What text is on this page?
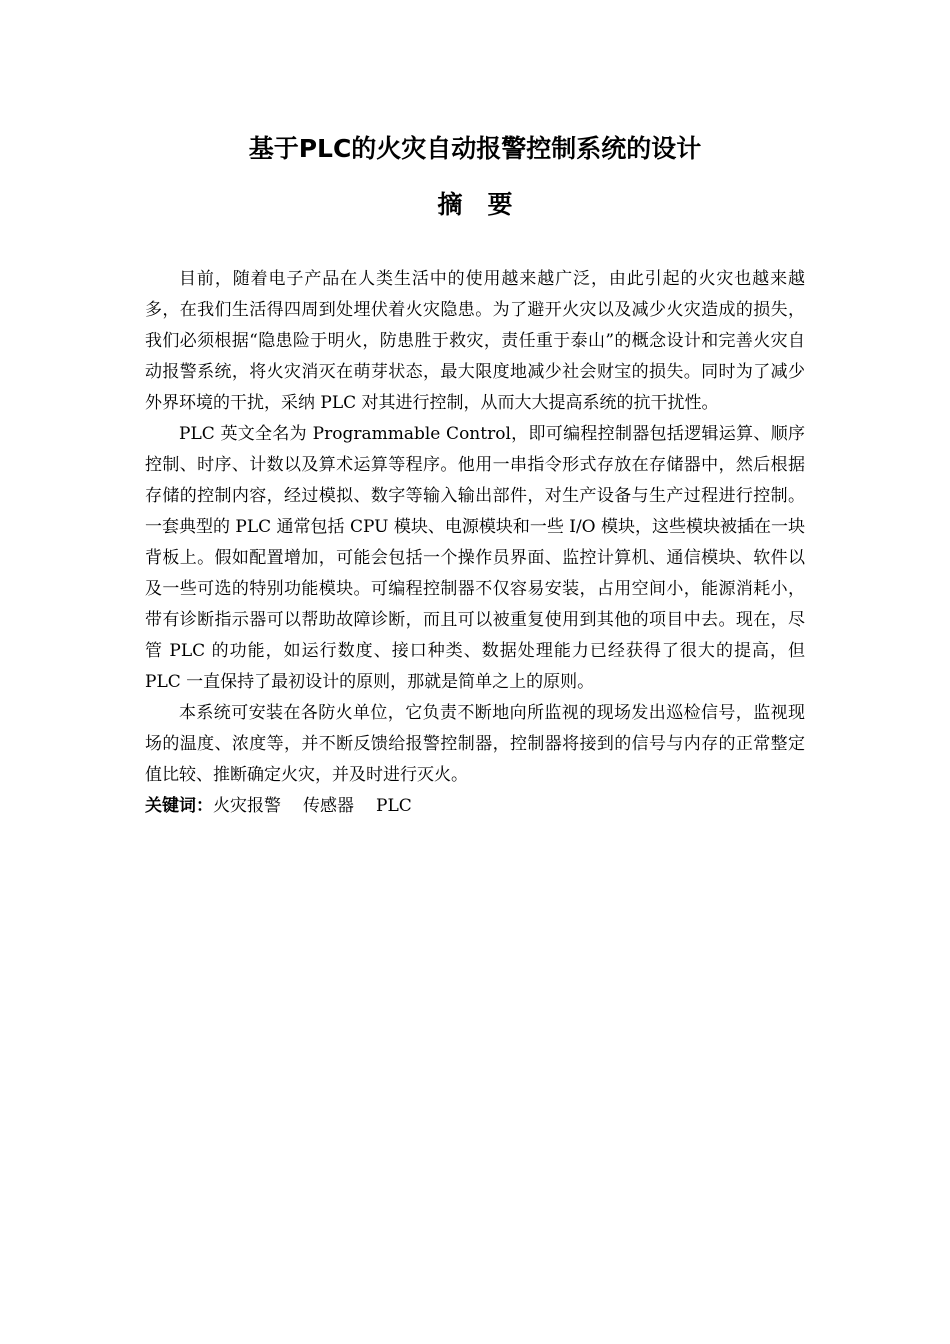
基于PLC的火灾自动报警控制系统的设计
摘要

目前，随着电子产品在人类生活中的使用越来越广泛，由此引起的火灾也越来越多，在我们生活得四周到处埋伏着火灾隐患。为了避开火灾以及减少火灾造成的损失，我们必须根据“隐患险于明火，防患胜于救灾，责任重于泰山”的概念设计和完善火灾自动报警系统，将火灾消灭在萌芽状态，最大限度地减少社会财宝的损失。同时为了减少外界环境的干扰，采纳 PLC 对其进行控制，从而大大提高系统的抗干扰性。

PLC 英文全名为 Programmable Control，即可编程控制器包括逻辑运算、顺序控制、时序、计数以及算术运算等程序。他用一串指令形式存放在存储器中，然后根据存储的控制内容，经过模拟、数字等输入输出部件，对生产设备与生产过程进行控制。一套典型的 PLC 通常包括 CPU 模块、电源模块和一些 I/O 模块，这些模块被插在一块背板上。假如配置增加，可能会包括一个操作员界面、监控计算机、通信模块、软件以及一些可选的特别功能模块。可编程控制器不仅容易安装，占用空间小，能源消耗小，带有诊断指示器可以帮助故障诊断，而且可以被重复使用到其他的项目中去。现在，尽管 PLC 的功能，如运行数度、接口种类、数据处理能力已经获得了很大的提高，但 PLC 一直保持了最初设计的原则，那就是简单之上的原则。

本系统可安装在各防火单位，它负责不断地向所监视的现场发出巡检信号，监视现场的温度、浓度等，并不断反馈给报警控制器，控制器将接到的信号与内存的正常整定值比较、推断确定火灾，并及时进行灭火。

关键词：火灾报警 传感器 PLC
